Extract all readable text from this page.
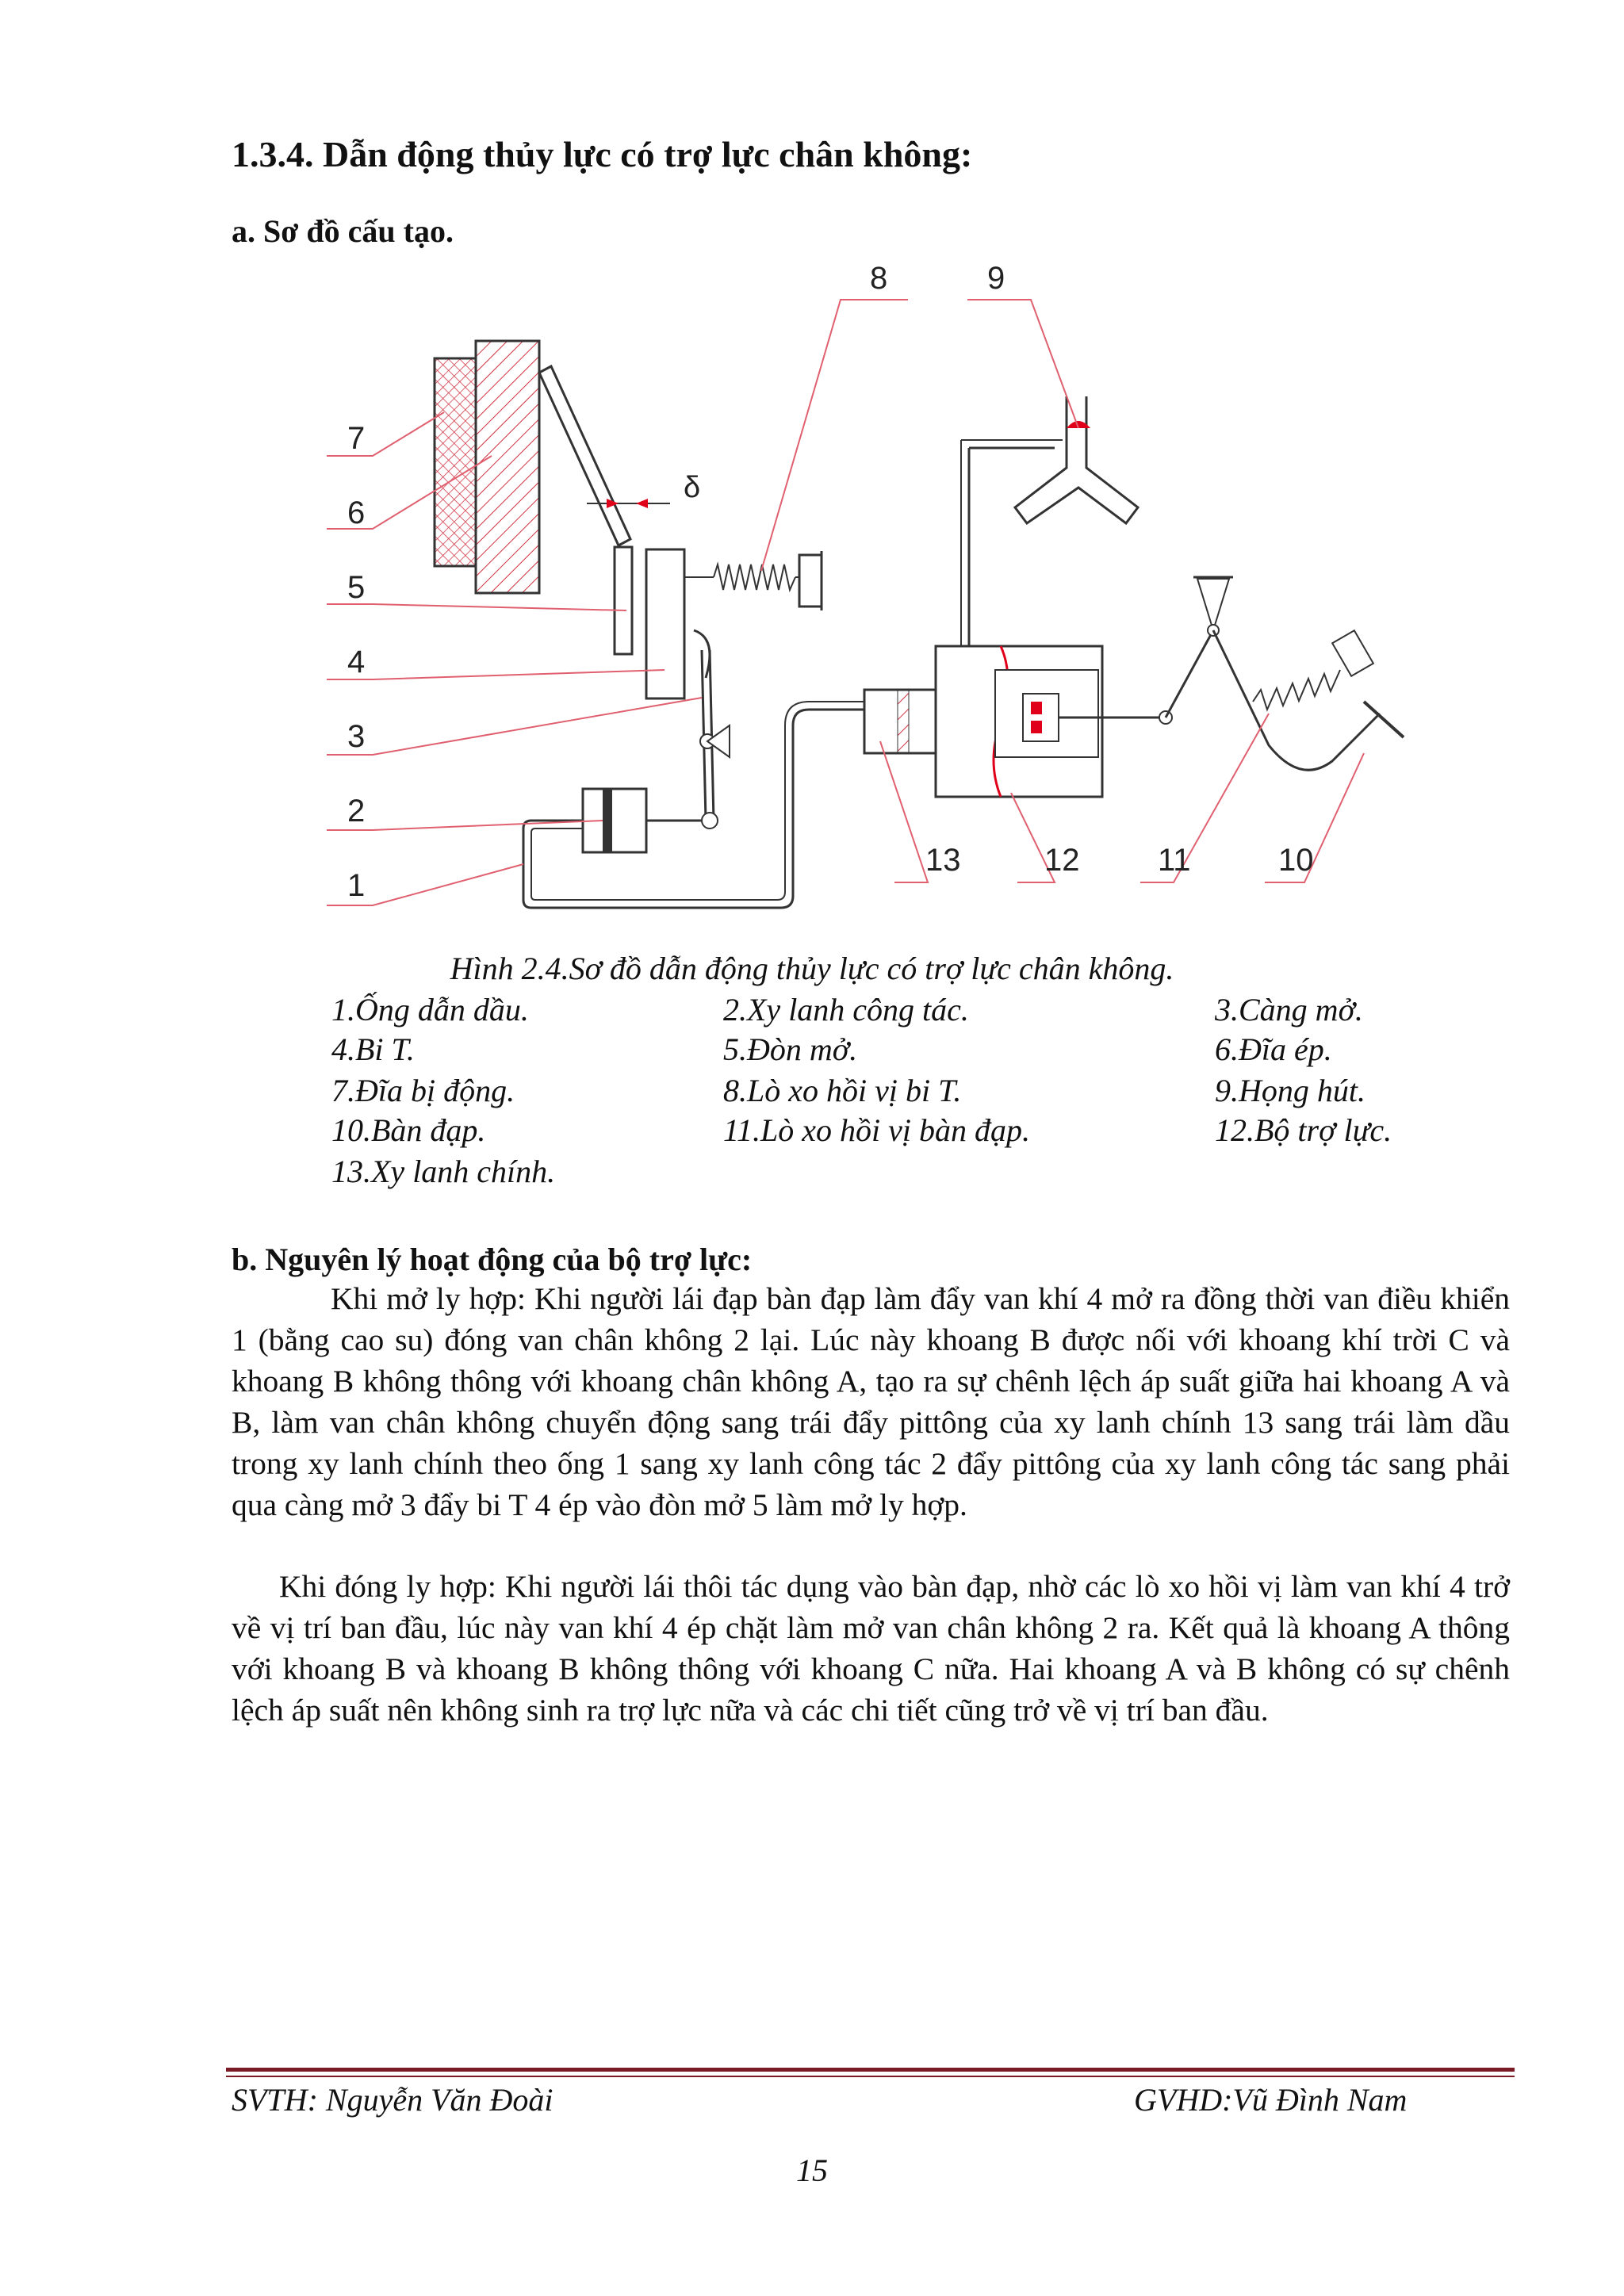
1.3.4. Dẫn động thủy lực có trợ lực chân không:
a. Sơ đồ cấu tạo.
δ
7
6
5
4
3
2
1
8	9
13	12 11	10
Hình 2.4.Sơ đồ dẫn động thủy lực có trợ lực chân không.
1.Ống dẫn dầu.	2.Xy lanh công tác.	3.Càng mở.
4.Bi T.	5.Đòn mở.	6.Đĩa ép.
7.Đĩa bị động.	8.Lò xo hồi vị bi T.	9.Họng hút.
10.Bàn đạp.	11.Lò xo hồi vị bàn đạp.	12.Bộ trợ lực.
13.Xy lanh chính.
b. Nguyên lý hoạt động của bộ trợ lực:
Khi mở ly hợp: Khi người lái đạp bàn đạp làm đẩy van khí 4 mở ra đồng thời van điều khiển 1 (bằng cao su) đóng van chân không 2 lại. Lúc này khoang B được nối với khoang khí trời C và khoang B không thông với khoang chân không A, tạo ra sự chênh lệch áp suất giữa hai khoang A và B, làm van chân không chuyển động sang trái đẩy pittông của xy lanh chính 13 sang trái làm dầu trong xy lanh chính theo ống 1 sang xy lanh công tác 2 đẩy pittông của xy lanh công tác sang phải qua càng mở 3 đẩy bi T 4 ép vào đòn mở 5 làm mở ly hợp.
Khi đóng ly hợp: Khi người lái thôi tác dụng vào bàn đạp, nhờ các lò xo hồi vị làm van khí 4 trở về vị trí ban đầu, lúc này van khí 4 ép chặt làm mở van chân không 2 ra. Kết quả là khoang A thông với khoang B và khoang B không thông với khoang C nữa. Hai khoang A và B không có sự chênh lệch áp suất nên không sinh ra trợ lực nữa và các chi tiết cũng trở về vị trí ban đầu.
SVTH: Nguyễn Văn Đoài	GVHD:Vũ Đình Nam
15
